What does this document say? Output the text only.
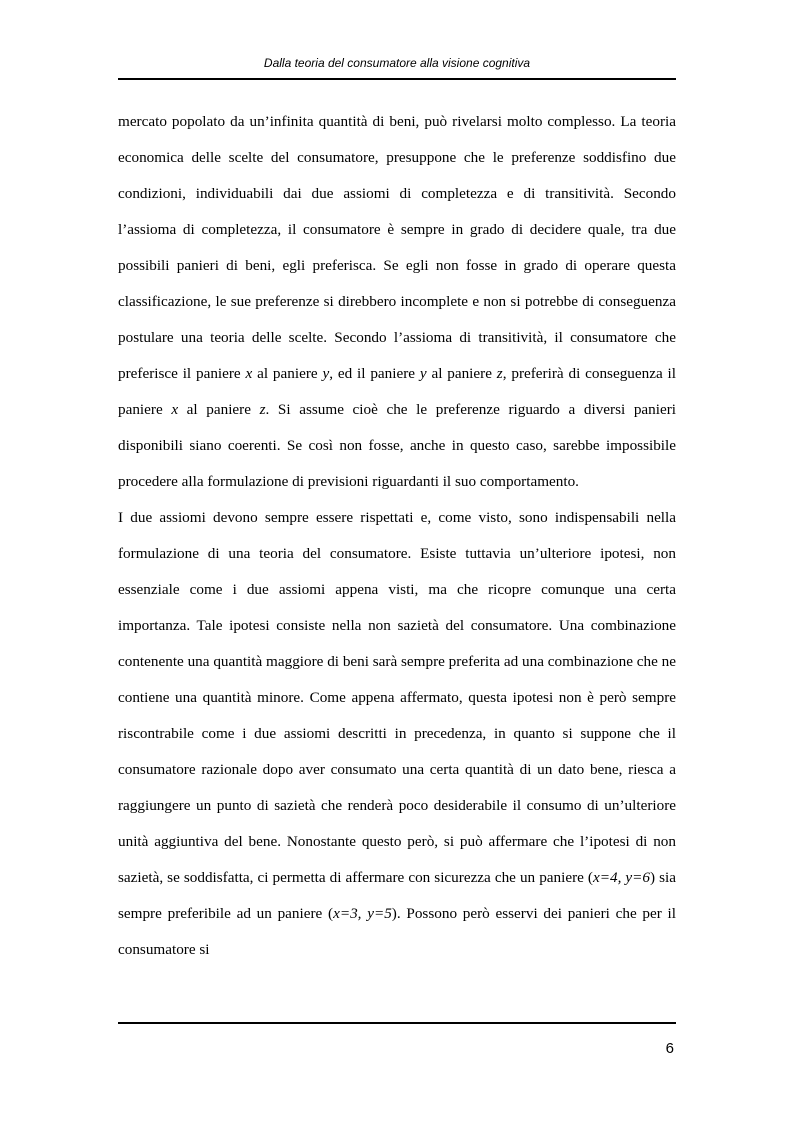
Dalla teoria del consumatore alla visione cognitiva

mercato popolato da un’infinita quantità di beni, può rivelarsi molto complesso. La teoria economica delle scelte del consumatore, presuppone che le preferenze soddisfino due condizioni, individuabili dai due assiomi di completezza e di transitività. Secondo l’assioma di completezza, il consumatore è sempre in grado di decidere quale, tra due possibili panieri di beni, egli preferisca. Se egli non fosse in grado di operare questa classificazione, le sue preferenze si direbbero incomplete e non si potrebbe di conseguenza postulare una teoria delle scelte. Secondo l’assioma di transitività, il consumatore che preferisce il paniere x al paniere y, ed il paniere y al paniere z, preferirà di conseguenza il paniere x al paniere z. Si assume cioè che le preferenze riguardo a diversi panieri disponibili siano coerenti. Se così non fosse, anche in questo caso, sarebbe impossibile procedere alla formulazione di previsioni riguardanti il suo comportamento.

I due assiomi devono sempre essere rispettati e, come visto, sono indispensabili nella formulazione di una teoria del consumatore. Esiste tuttavia un’ulteriore ipotesi, non essenziale come i due assiomi appena visti, ma che ricopre comunque una certa importanza. Tale ipotesi consiste nella non sazietà del consumatore. Una combinazione contenente una quantità maggiore di beni sarà sempre preferita ad una combinazione che ne contiene una quantità minore. Come appena affermato, questa ipotesi non è però sempre riscontrabile come i due assiomi descritti in precedenza, in quanto si suppone che il consumatore razionale dopo aver consumato una certa quantità di un dato bene, riesca a raggiungere un punto di sazietà che renderà poco desiderabile il consumo di un’ulteriore unità aggiuntiva del bene. Nonostante questo però, si può affermare che l’ipotesi di non sazietà, se soddisfatta, ci permetta di affermare con sicurezza che un paniere (x=4, y=6) sia sempre preferibile ad un paniere (x=3, y=5). Possono però esservi dei panieri che per il consumatore si

6
